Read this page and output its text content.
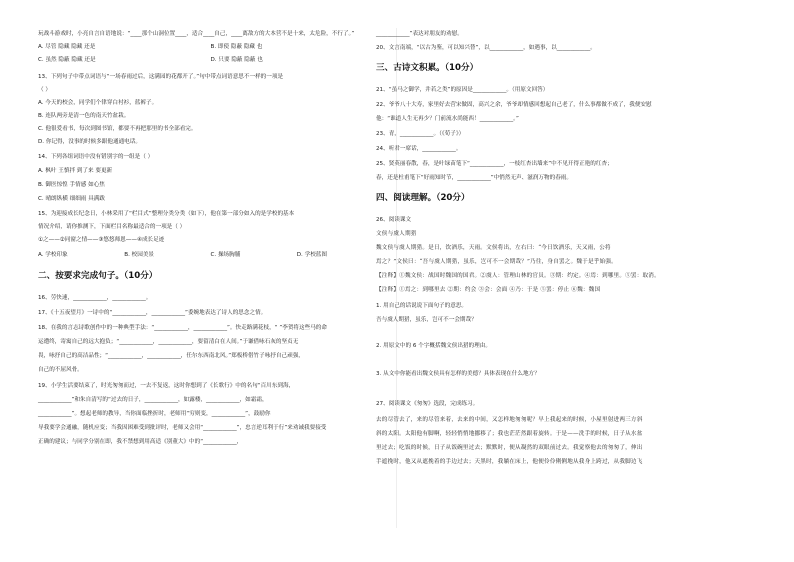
玩战斗游戏时，小亮自言自语地说：“____那个山洞位置____，适合____自己，____离敌方的大本营不是十来，太危险，不行了。”
A. 尽管 隐藏 隐藏 还是	B. 即使 隐蔽 隐藏 也
C. 虽然 隐蔽 隐藏 还是	D. 只要 隐蔽 隐蔽 也
13、下列句子中带点词语与“一场春雨过后，这满园的花都开了。”句中带点词语意思不一样的一项是
（ ）
A. 今天的校会，同学们个律穿白衬衫，蓝裤子。
B. 连队两旁是清一色的南天竹盆栽。
C. 他很爱看书，每次到图书馆，都要不再把那里的书全部看完。
D. 你记得，没事的时候多跟他通通电话。
14、下列各组词语中没有错别字的一组是（ ）
A. 枫叶 王慎拌 到了来 要更新
B. 御医惊惶 手情感 如心焦
C. 晴朗纵横 细细雨 具满跋
15、为迎接成长纪念日，小林采用了“栏目式”整理分类分类（如下），他在第一部分如入的是学校的基本
情况介绍，请你推测下，下面栏目名称最适合的一项是（ ）
①之——②同窗之情——③悠悠师恩——④成长足迹
A. 学校印象	B. 校园美景	C. 操场胸脯	D. 学校蓝图
二、按要求完成句子。（10分）
16、劳快速，____________，____________。
17、《十五夜望月》一诗中的“____________，____________”委婉地表达了诗人的思念之情。
18、在我的言志诗歌创作中的一种典型手法：“____________，____________”。快走路满花枝，“ ”李贺将这些马的命
运遭终，寄寓自己的远大抱负；“____________，____________，要留清白在人间。”于谦借咏石灰的坚贞无
畏，咏抒自己的高洁品性；“____________，____________，任尔东西南北风。”郑板桥借竹子咏抒自己顽强，
自己的不屈风骨。
19、小学生活要结束了，时光匆匆而过，一去不复返，这时你想到了《长歌行》中的名句“百川东到海，
____________”和朱自清写的“过去的日子，____________，如露楼，____________，如霜霜，
____________”。想起老师的教导，当你面临挫折时，老师用“穷则变，____________”，鼓励你
导我要学会通融，随机应变；当我因困难受到批评时，老师又会用“____________”，忠言逆耳利于行”来劝诫我要接受
正确的建议；与同学分别在即，我不禁想到用高适《别董大》中的“____________，
____________”表达对朋友的劝慰。
20、文言南端，“以古为鉴，可以知兴替”，以____________，如遇事，以____________。
三、古诗文积累。（10分）
21、“虽马之御学，井若之类”的原因是____________。（用原文回答）
22、爷爷八十大寿，家里好去营宋做固，高兴之余，爷爷却情感回想起自己老了，什么事都做不成了，我便安慰
他：“谁道人生无再少？门前流水尚能西！____________。”
23、青，____________。（《荀子》）
24、听君一席话，____________。
25、贤英丽春散，春，是叶绿苗笔下“____________，一枝红杏出墙来”中不见开得正艳的红杏；
春，还是杜甫笔下“好雨知时节，____________”中悄然无声、滋润万物的春雨。
四、阅读理解。（20分）
26、阅读课文
文侯与虞人期猎
魏文侯与虞人期猎。是日，饮酒乐，天雨。文侯将出，左右曰：“今日饮酒乐，天又雨，公将
焉之？”文侯曰：“吾与虞人期猎，虽乐，岂可不一会期哉？”乃往，身自罢之。魏于是乎始强。
【注释】①魏文侯：战国时魏国的国君。②虞人：管理山林的官员。③期：约定。④焉：到哪里。⑤罢：取消。
【注释】①焉之：到哪里去 ②期：约会 ③会：会面 ④乃：于是 ⑤罢：停止 ⑥魏：魏国
1. 用自己的话说说下面句子的意思。
吾与虞人期猎，虽乐，岂可不一会期哉？
2. 用原文中的 6 个字概括魏文侯出猎的理由。
3. 从文中你能看出魏文侯具有怎样的美德？具体表现在什么地方？
27、阅读课文《匆匆》选段，完成练习。
去的尽管去了，来的尽管来着，去来的中间，又怎样地匆匆呢？早上我起来的时候，小屋里射进两三方斜
斜的太阳。太阳他有脚啊，轻轻悄悄地挪移了；我也茫茫然跟着旋转。于是——洗手的时候，日子从水盆
里过去；吃饭的时候，日子从饭碗里过去；默默时，便从凝然的双眼前过去。我觉察他去的匆匆了，伸出
手遮挽时，他又从遮挽着的手边过去；天黑时，我躺在床上，他便伶伶俐俐地从我身上跨过，从我脚边飞
